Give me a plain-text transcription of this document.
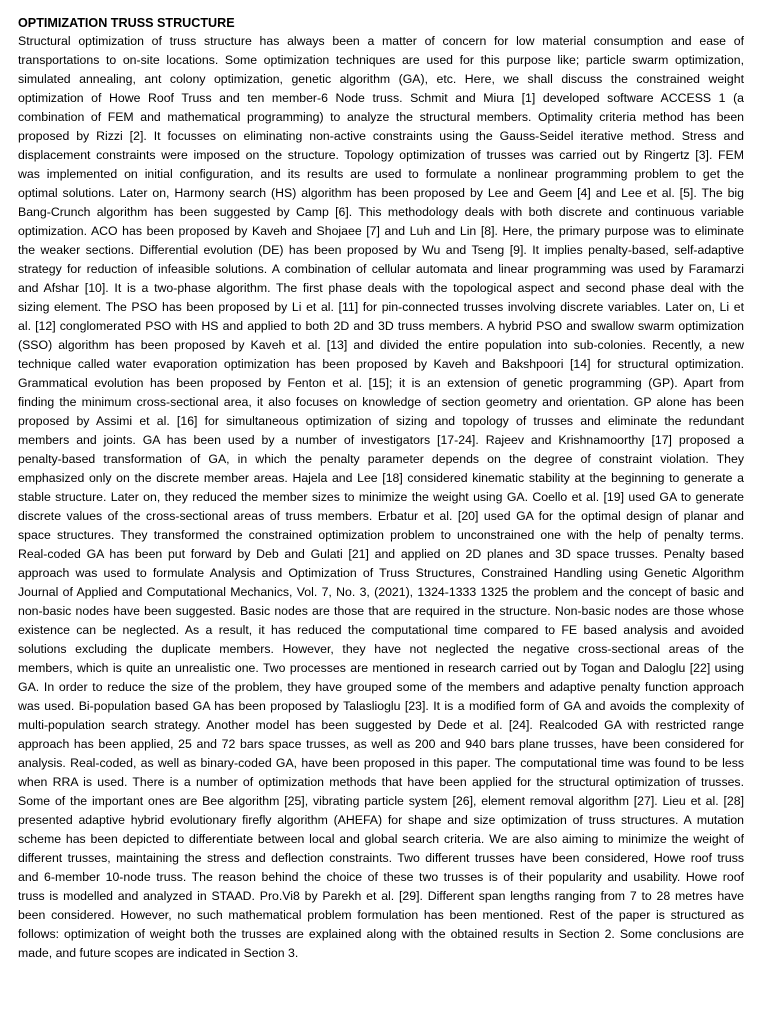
OPTIMIZATION TRUSS STRUCTURE
Structural optimization of truss structure has always been a matter of concern for low material consumption and ease of
transportations to on-site locations. Some optimization techniques are used for this purpose like; particle swarm optimization,
simulated annealing, ant colony optimization, genetic algorithm (GA), etc. Here, we shall discuss the constrained weight
optimization of Howe Roof Truss and ten member-6 Node truss. Schmit and Miura [1] developed software ACCESS 1 (a
combination of FEM and mathematical programming) to analyze the structural members. Optimality criteria method has been
proposed by Rizzi [2]. It focusses on eliminating non-active constraints using the Gauss-Seidel iterative method. Stress and
displacement constraints were imposed on the structure. Topology optimization of trusses was carried out by Ringertz [3]. FEM
was implemented on initial configuration, and its results are used to formulate a nonlinear programming problem to get the
optimal solutions. Later on, Harmony search (HS) algorithm has been proposed by Lee and Geem [4] and Lee et al. [5]. The big
Bang-Crunch algorithm has been suggested by Camp [6]. This methodology deals with both discrete and continuous variable
optimization. ACO has been proposed by Kaveh and Shojaee [7] and Luh and Lin [8]. Here, the primary purpose was to eliminate
the weaker sections. Differential evolution (DE) has been proposed by Wu and Tseng [9]. It implies penalty-based, self-adaptive
strategy for reduction of infeasible solutions. A combination of cellular automata and linear programming was used by Faramarzi
and Afshar [10]. It is a two-phase algorithm. The first phase deals with the topological aspect and second phase deal with the
sizing element. The PSO has been proposed by Li et al. [11] for pin-connected trusses involving discrete variables. Later on, Li et
al. [12] conglomerated PSO with HS and applied to both 2D and 3D truss members. A hybrid PSO and swallow swarm optimization
(SSO) algorithm has been proposed by Kaveh et al. [13] and divided the entire population into sub-colonies. Recently, a new
technique called water evaporation optimization has been proposed by Kaveh and Bakshpoori [14] for structural optimization.
Grammatical evolution has been proposed by Fenton et al. [15]; it is an extension of genetic programming (GP). Apart from
finding the minimum cross-sectional area, it also focuses on knowledge of section geometry and orientation. GP alone has been
proposed by Assimi et al. [16] for simultaneous optimization of sizing and topology of trusses and eliminate the redundant
members and joints. GA has been used by a number of investigators [17-24]. Rajeev and Krishnamoorthy [17] proposed a
penalty-based transformation of GA, in which the penalty parameter depends on the degree of constraint violation. They
emphasized only on the discrete member areas. Hajela and Lee [18] considered kinematic stability at the beginning to generate a
stable structure. Later on, they reduced the member sizes to minimize the weight using GA. Coello et al. [19] used GA to generate
discrete values of the cross-sectional areas of truss members. Erbatur et al. [20] used GA for the optimal design of planar and
space structures. They transformed the constrained optimization problem to unconstrained one with the help of penalty terms.
Real-coded GA has been put forward by Deb and Gulati [21] and applied on 2D planes and 3D space trusses. Penalty based
approach was used to formulate Analysis and Optimization of Truss Structures, Constrained Handling using Genetic Algorithm
Journal of Applied and Computational Mechanics, Vol. 7, No. 3, (2021), 1324-1333 1325 the problem and the concept of basic and
non-basic nodes have been suggested. Basic nodes are those that are required in the structure. Non-basic nodes are those whose
existence can be neglected. As a result, it has reduced the computational time compared to FE based analysis and avoided
solutions excluding the duplicate members. However, they have not neglected the negative cross-sectional areas of the
members, which is quite an unrealistic one. Two processes are mentioned in research carried out by Togan and Daloglu [22] using
GA. In order to reduce the size of the problem, they have grouped some of the members and adaptive penalty function approach
was used. Bi-population based GA has been proposed by Talaslioglu [23]. It is a modified form of GA and avoids the complexity of
multi-population search strategy. Another model has been suggested by Dede et al. [24]. Realcoded GA with restricted range
approach has been applied, 25 and 72 bars space trusses, as well as 200 and 940 bars plane trusses, have been considered for
analysis. Real-coded, as well as binary-coded GA, have been proposed in this paper. The computational time was found to be less
when RRA is used. There is a number of optimization methods that have been applied for the structural optimization of trusses.
Some of the important ones are Bee algorithm [25], vibrating particle system [26], element removal algorithm [27]. Lieu et al. [28]
presented adaptive hybrid evolutionary firefly algorithm (AHEFA) for shape and size optimization of truss structures. A mutation
scheme has been depicted to differentiate between local and global search criteria. We are also aiming to minimize the weight of
different trusses, maintaining the stress and deflection constraints. Two different trusses have been considered, Howe roof truss
and 6-member 10-node truss. The reason behind the choice of these two trusses is of their popularity and usability. Howe roof
truss is modelled and analyzed in STAAD. Pro.Vi8 by Parekh et al. [29]. Different span lengths ranging from 7 to 28 metres have
been considered. However, no such mathematical problem formulation has been mentioned. Rest of the paper is structured as
follows: optimization of weight both the trusses are explained along with the obtained results in Section 2. Some conclusions are
made, and future scopes are indicated in Section 3.
